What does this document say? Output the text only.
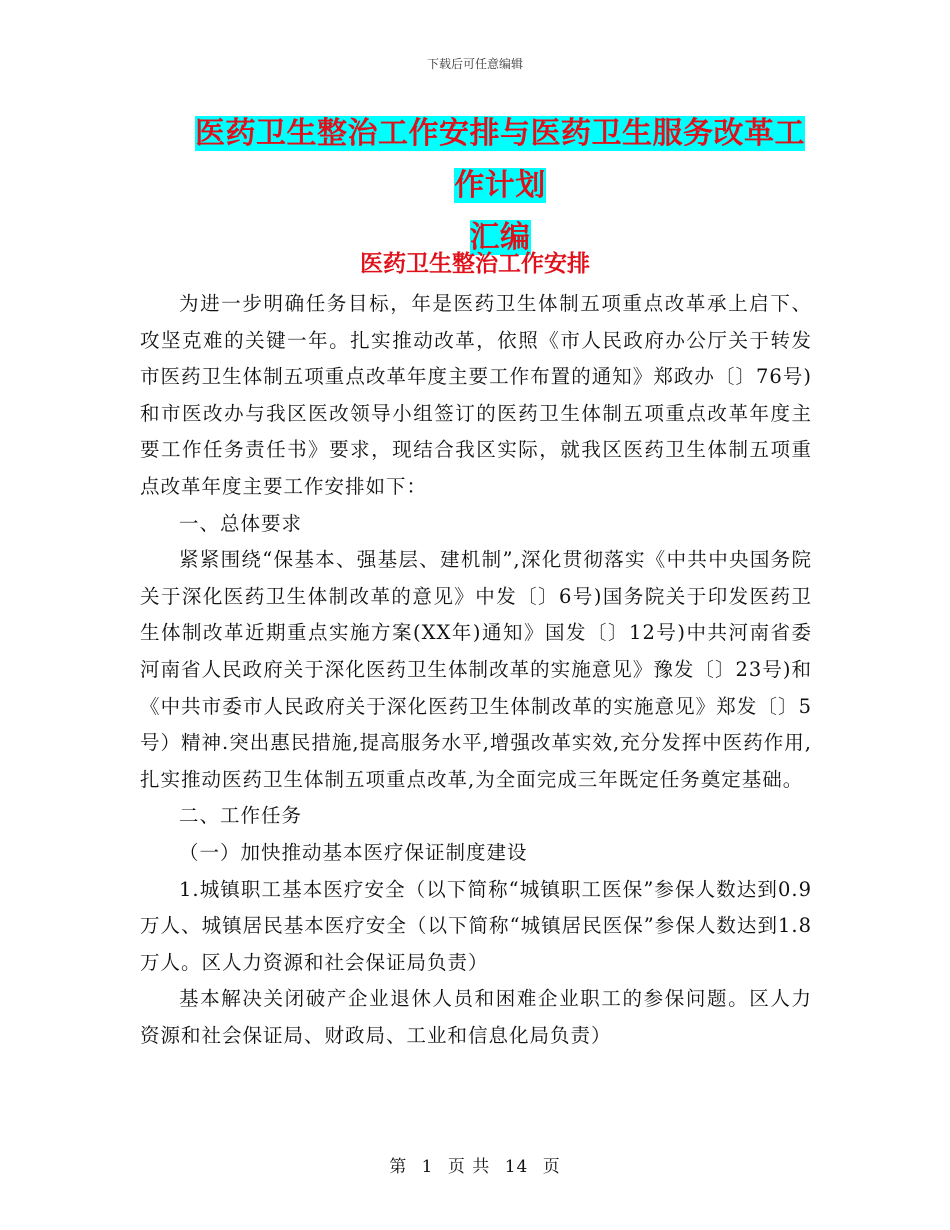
下载后可任意编辑
医药卫生整治工作安排与医药卫生服务改革工作计划
汇编
医药卫生整治工作安排

为进一步明确任务目标，年是医药卫生体制五项重点改革承上启下、攻坚克难的关键一年。扎实推动改革，依照《市人民政府办公厅关于转发市医药卫生体制五项重点改革年度主要工作布置的通知》郑政办〔〕76号)和市医改办与我区医改领导小组签订的医药卫生体制五项重点改革年度主要工作任务责任书》要求，现结合我区实际，就我区医药卫生体制五项重点改革年度主要工作安排如下：

一、总体要求

紧紧围绕“保基本、强基层、建机制”,深化贯彻落实《中共中央国务院关于深化医药卫生体制改革的意见》中发〔〕6号)国务院关于印发医药卫生体制改革近期重点实施方案(XX年)通知》国发〔〕12号)中共河南省委河南省人民政府关于深化医药卫生体制改革的实施意见》豫发〔〕23号)和《中共市委市人民政府关于深化医药卫生体制改革的实施意见》郑发〔〕5号）精神.突出惠民措施,提高服务水平,增强改革实效,充分发挥中医药作用,扎实推动医药卫生体制五项重点改革,为全面完成三年既定任务奠定基础。

二、工作任务

（一）加快推动基本医疗保证制度建设

1.城镇职工基本医疗安全（以下简称“城镇职工医保”参保人数达到0.9万人、城镇居民基本医疗安全（以下简称“城镇居民医保”参保人数达到1.8万人。区人力资源和社会保证局负责）

基本解决关闭破产企业退休人员和困难企业职工的参保问题。区人力资源和社会保证局、财政局、工业和信息化局负责）

第 1 页 共 14 页
